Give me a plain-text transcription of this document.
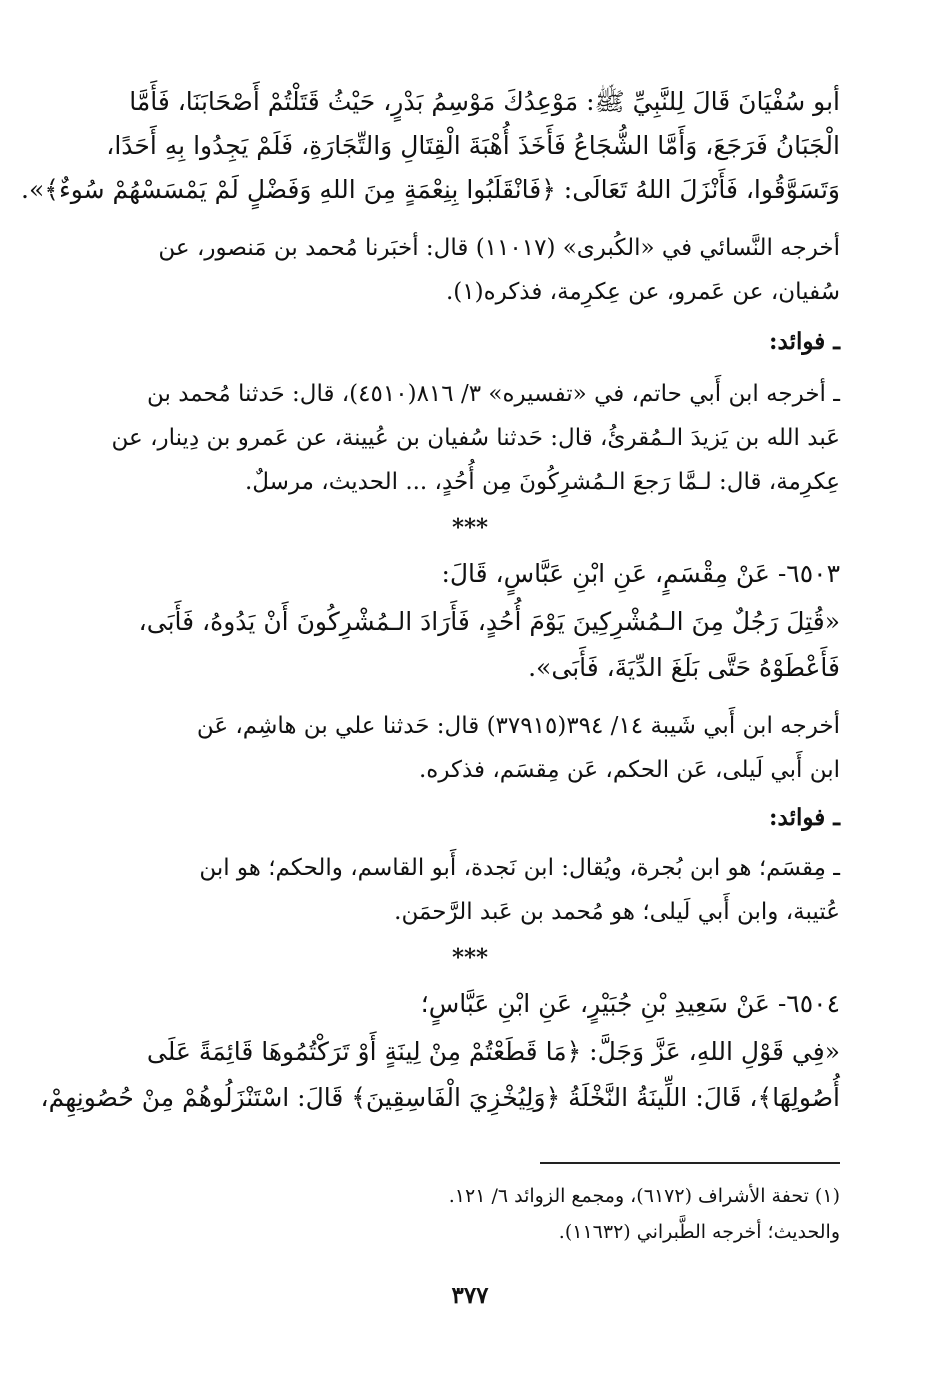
أبو سُفْيَانَ قَالَ لِلنَّبِيِّ ﷺ: مَوْعِدُكَ مَوْسِمُ بَدْرٍ، حَيْثُ قَتَلْتُمْ أَصْحَابَنَا، فَأَمَّا
الْجَبَانُ فَرَجَعَ، وَأَمَّا الشُّجَاعُ فَأَخَذَ أُهْبَةَ الْقِتَالِ وَالتِّجَارَةِ، فَلَمْ يَجِدُوا بِهِ أَحَدًا،
وَتَسَوَّقُوا، فَأَنْزَلَ اللهُ تَعَالَى: ﴿فَانْقَلَبُوا بِنِعْمَةٍ مِنَ اللهِ وَفَضْلٍ لَمْ يَمْسَسْهُمْ سُوءٌ﴾».
أخرجه النَّسائي في «الكُبرى» (١١٠١٧) قال: أخبَرنا مُحمد بن مَنصور، عن
سُفيان، عن عَمرو، عن عِكرِمة، فذكره(١).
ـ فوائد:
ـ أخرجه ابن أَبي حاتم، في «تفسيره» ٣/ ٨١٦(٤٥١٠)، قال: حَدثنا مُحمد بن
عَبد الله بن يَزيدَ الـمُقرئُ، قال: حَدثنا سُفيان بن عُيينة، عن عَمرو بن دِينار، عن
عِكرِمة، قال: لـمَّا رَجعَ الـمُشرِكُونَ مِن أُحُدٍ، ... الحديث، مرسلٌ.
***
٦٥٠٣- عَنْ مِقْسَمٍ، عَنِ ابْنِ عَبَّاسٍ، قَالَ:
«قُتِلَ رَجُلٌ مِنَ الـمُشْرِكِينَ يَوْمَ أُحُدٍ، فَأَرَادَ الـمُشْرِكُونَ أَنْ يَدُوهُ، فَأَبَى،
فَأَعْطَوْهُ حَتَّى بَلَغَ الدِّيَةَ، فَأَبَى».
أخرجه ابن أَبي شَيبة ١٤/ ٣٩٤(٣٧٩١٥) قال: حَدثنا علي بن هاشِم، عَن
ابن أَبي لَيلى، عَن الحكم، عَن مِقسَم، فذكره.
ـ فوائد:
ـ مِقسَم؛ هو ابن بُجرة، ويُقال: ابن نَجدة، أَبو القاسم، والحكم؛ هو ابن
عُتيبة، وابن أَبي لَيلى؛ هو مُحمد بن عَبد الرَّحمَن.
***
٦٥٠٤- عَنْ سَعِيدِ بْنِ جُبَيْرٍ، عَنِ ابْنِ عَبَّاسٍ؛
«فِي قَوْلِ اللهِ، عَزَّ وَجَلَّ: ﴿مَا قَطَعْتُمْ مِنْ لِينَةٍ أَوْ تَرَكْتُمُوهَا قَائِمَةً عَلَى
أُصُولِهَا﴾، قَالَ: اللِّينَةُ النَّخْلَةُ ﴿وَلِيُخْزِيَ الْفَاسِقِينَ﴾ قَالَ: اسْتَنْزَلُوهُمْ مِنْ حُصُونِهِمْ،
(١) تحفة الأشراف (٦١٧٢)، ومجمع الزوائد ٦/ ١٢١.
والحديث؛ أخرجه الطَّبراني (١١٦٣٢).
٣٧٧
